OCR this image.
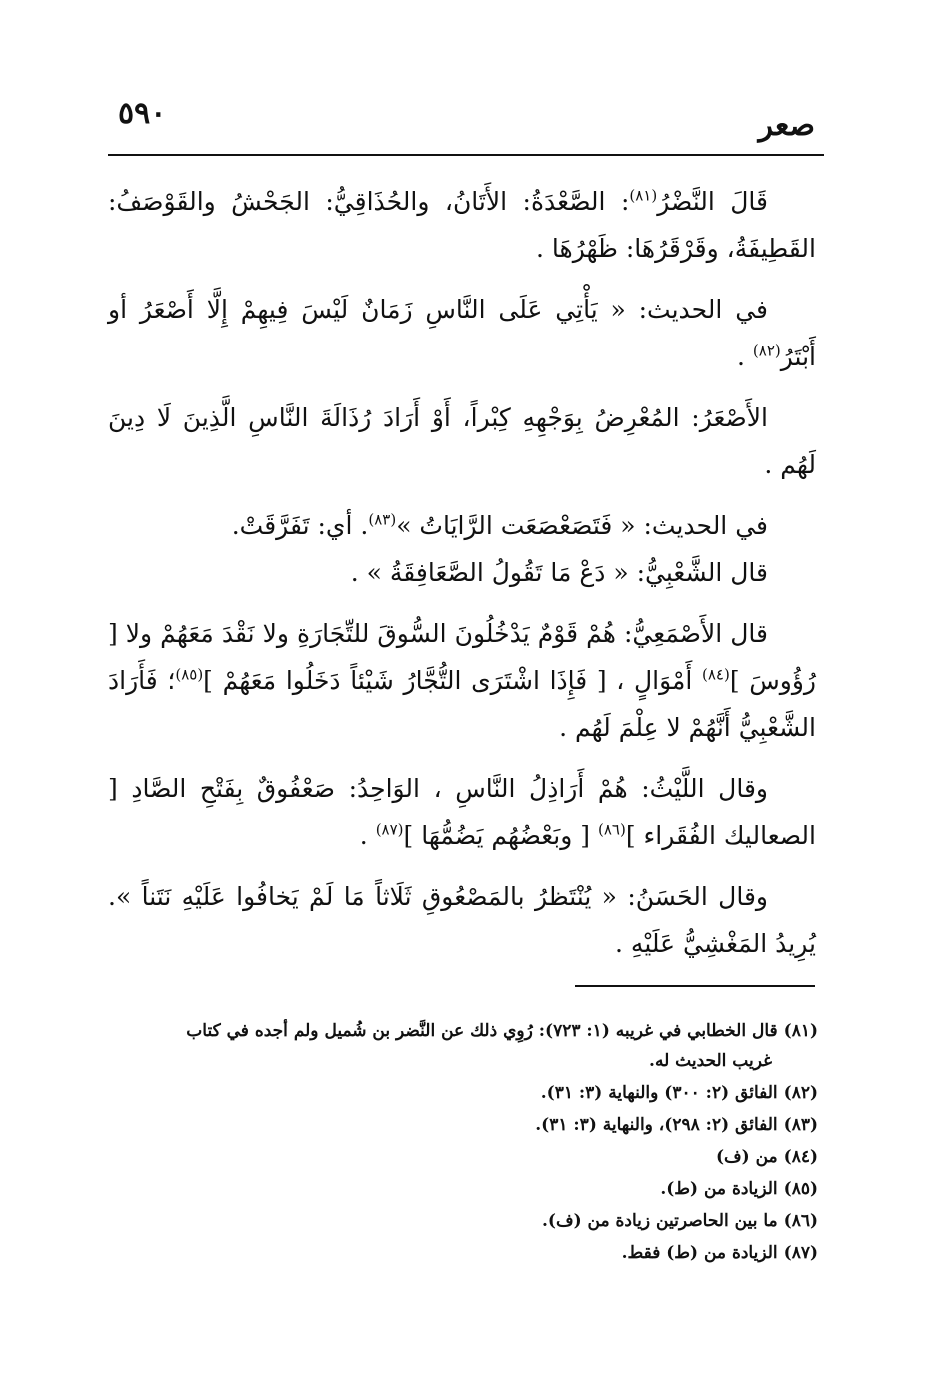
صعر
٥٩٠

قَالَ النَّضْرُ$^{(٨١)}$: الصَّعْدَةُ: الأَتَانُ، والحُذَاقِيُّ: الجَحْشُ والقَوْصَفُ: القَطِيفَةُ، وقَرْقَرُهَا: ظَهْرُهَا .

في الحديث: « يَأْتِي عَلَى النَّاسِ زَمَانٌ لَيْسَ فِيهِمْ إِلَّا أَصْعَرُ أو أَبْتَرُ$^{(٨٢)}$ .

الأَصْعَرُ: المُعْرِضُ بِوَجْهِهِ كِبْراً، أَوْ أَرَادَ رُذَالَةَ النَّاسِ الَّذِينَ لَا دِينَ لَهُم .

في الحديث: « فَتَصَعْصَعَت الرَّايَاتُ »$^{(٨٣)}$. أي: تَفَرَّقَتْ.

قال الشَّعْبِيُّ: « دَعْ مَا تَقُولُ الصَّعَافِقَةُ » .

قال الأَصْمَعِيُّ: هُمْ قَوْمٌ يَدْخُلُونَ السُّوقَ للتِّجَارَةِ ولا نَقْدَ مَعَهُمْ ولا [ رُؤُوسَ ]$^{(٨٤)}$ أَمْوَالٍ ، [ فَإِذَا اشْتَرَى التُّجَّارُ شَيْئاً دَخَلُوا مَعَهُمْ ]$^{(٨٥)}$؛ فَأَرَادَ الشَّعْبِيُّ أَنَّهُمْ لا عِلْمَ لَهُم .

وقال اللَّيْثُ: هُمْ أَرَاذِلُ النَّاسِ ، الوَاحِدُ: صَعْفُوقٌ بِفَتْحِ الصَّادِ [ الصعاليك الفُقَراء ]$^{(٨٦)}$ [ وبَعْضُهُم يَضُمُّهَا ]$^{(٨٧)}$ .

وقال الحَسَنُ: « يُنْتَظرُ بالمَصْعُوقِ ثَلَاثاً مَا لَمْ يَخافُوا عَلَيْهِ نَتَناً ». يُرِيدُ المَغْشِيُّ عَلَيْهِ .

(٨١)قال الخطابي في غريبه (١: ٧٢٣): رُوِي ذلك عن النَّضر بن شُميل ولم أجده في كتاب
غريب الحديث له.
(٨٢)الفائق (٢: ٣٠٠) والنهاية (٣: ٣١).
(٨٣)الفائق (٢: ٢٩٨)، والنهاية (٣: ٣١).
(٨٤)من (ف)
(٨٥)الزيادة من (ط).
(٨٦)ما بين الحاصرتين زيادة من (ف).
(٨٧)الزيادة من (ط) فقط.
